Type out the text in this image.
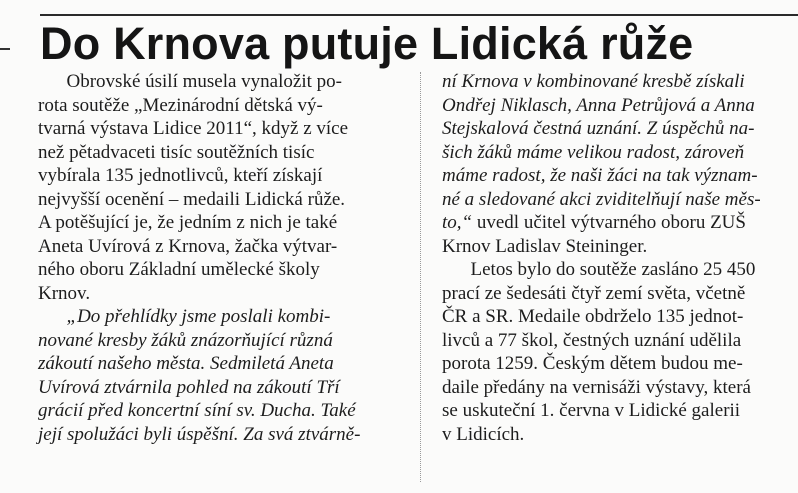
Do Krnova putuje Lidická růže
Obrovské úsilí musela vynaložit po-
rota soutěže „Mezinárodní dětská vý-
tvarná výstava Lidice 2011“, když z více
než pětadvaceti tisíc soutěžních tisíc
vybírala 135 jednotlivců, kteří získají
nejvyšší ocenění – medaili Lidická růže.
A potěšující je, že jedním z nich je také
Aneta Uvírová z Krnova, žačka výtvar-
ného oboru Základní umělecké školy
Krnov.
„Do přehlídky jsme poslali kombi-
nované kresby žáků znázorňující různá
zákoutí našeho města. Sedmiletá Aneta
Uvírová ztvárnila pohled na zákoutí Tří
grácií před koncertní síní sv. Ducha. Také
její spolužáci byli úspěšní. Za svá ztvárně-
ní Krnova v kombinované kresbě získali
Ondřej Niklasch, Anna Petrůjová a Anna
Stejskalová čestná uznání. Z úspěchů na-
šich žáků máme velikou radost, zároveň
máme radost, že naši žáci na tak význam-
né a sledované akci zviditelňují naše měs-
to,“ uvedl učitel výtvarného oboru ZUŠ
Krnov Ladislav Steininger.
Letos bylo do soutěže zasláno 25 450
prací ze šedesáti čtyř zemí světa, včetně
ČR a SR. Medaile obdrželo 135 jednot-
livců a 77 škol, čestných uznání udělila
porota 1259. Českým dětem budou me-
daile předány na vernisáži výstavy, která
se uskuteční 1. června v Lidické galerii
v Lidicích.
